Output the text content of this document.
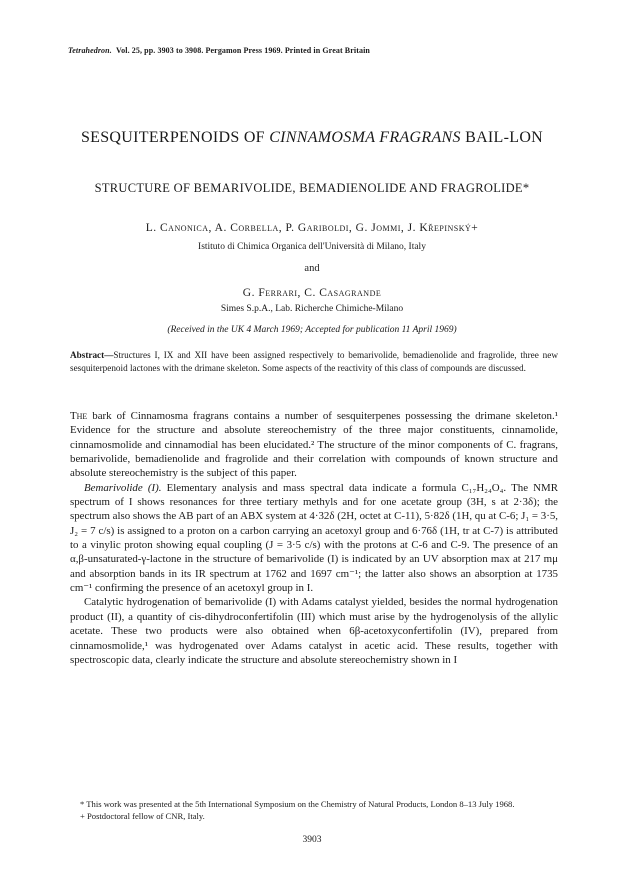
Tetrahedron. Vol. 25, pp. 3903 to 3908. Pergamon Press 1969. Printed in Great Britain
SESQUITERPENOIDS OF CINNAMOSMA FRAGRANS BAIL-LON
STRUCTURE OF BEMARIVOLIDE, BEMADIENOLIDE AND FRAGROLIDE*
L. Canonica, A. Corbella, P. Gariboldi, G. Jommi, J. Křepinský+
Istituto di Chimica Organica dell'Università di Milano, Italy
and
G. Ferrari, C. Casagrande
Simes S.p.A., Lab. Richerche Chimiche-Milano
(Received in the UK 4 March 1969; Accepted for publication 11 April 1969)
Abstract—Structures I, IX and XII have been assigned respectively to bemarivolide, bemadienolide and fragrolide, three new sesquiterpenoid lactones with the drimane skeleton. Some aspects of the reactivity of this class of compounds are discussed.

The bark of Cinnamosma fragrans contains a number of sesquiterpenes possessing the drimane skeleton.¹ Evidence for the structure and absolute stereochemistry of the three major constituents, cinnamolide, cinnamosmolide and cinnamodial has been elucidated.² The structure of the minor components of C. fragrans, bemarivolide, bemadienolide and fragrolide and their correlation with compounds of known structure and absolute stereochemistry is the subject of this paper.

Bemarivolide (I). Elementary analysis and mass spectral data indicate a formula C₁₇H₂₄O₄. The NMR spectrum of I shows resonances for three tertiary methyls and for one acetate group (3H, s at 2·3δ); the spectrum also shows the AB part of an ABX system at 4·32δ (2H, octet at C-11), 5·82δ (1H, qu at C-6; J₁ = 3·5, J₂ = 7 c/s) is assigned to a proton on a carbon carrying an acetoxyl group and 6·76δ (1H, tr at C-7) is attributed to a vinylic proton showing equal coupling (J = 3·5 c/s) with the protons at C-6 and C-9. The presence of an α,β-unsaturated-γ-lactone in the structure of bemarivolide (I) is indicated by an UV absorption max at 217 mμ and absorption bands in its IR spectrum at 1762 and 1697 cm⁻¹; the latter also shows an absorption at 1735 cm⁻¹ confirming the presence of an acetoxyl group in I.

Catalytic hydrogenation of bemarivolide (I) with Adams catalyst yielded, besides the normal hydrogenation product (II), a quantity of cis-dihydroconfertifolin (III) which must arise by the hydrogenolysis of the allylic acetate. These two products were also obtained when 6β-acetoxyconfertifolin (IV), prepared from cinnamosmolide,¹ was hydrogenated over Adams catalyst in acetic acid. These results, together with spectroscopic data, clearly indicate the structure and absolute stereochemistry shown in I

* This work was presented at the 5th International Symposium on the Chemistry of Natural Products, London 8–13 July 1968.

+ Postdoctoral fellow of CNR, Italy.

3903
